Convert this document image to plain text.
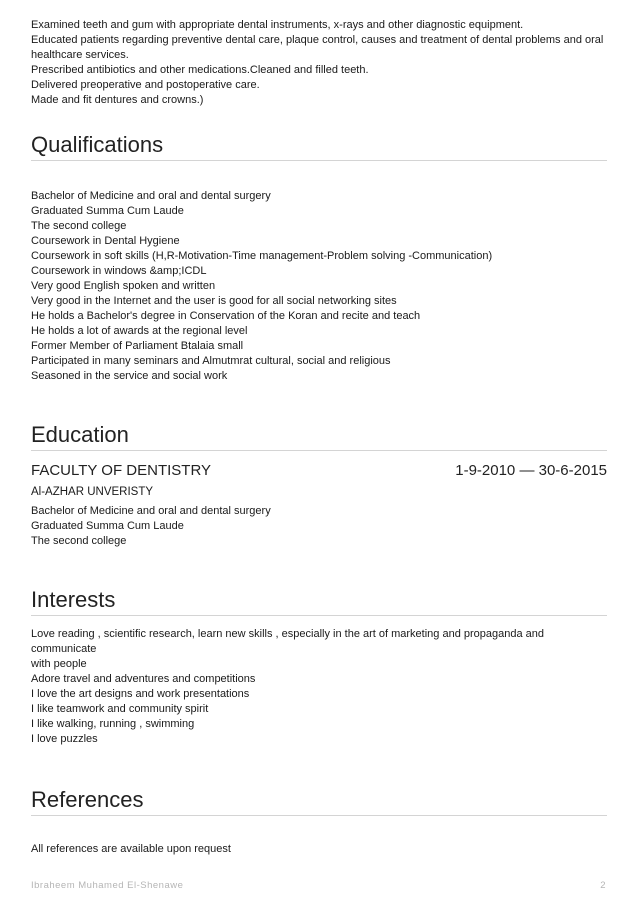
Examined teeth and gum with appropriate dental instruments, x-rays and other diagnostic equipment.
Educated patients regarding preventive dental care, plaque control, causes and treatment of dental problems and oral
healthcare services.
Prescribed antibiotics and other medications.Cleaned and filled teeth.
Delivered preoperative and postoperative care.
Made and fit dentures and crowns.)
Qualifications
Bachelor of Medicine and oral and dental surgery
Graduated Summa Cum Laude
The second college
Coursework in Dental Hygiene
Coursework in soft skills (H,R-Motivation-Time management-Problem solving -Communication)
Coursework in windows &amp;ICDL
Very good English spoken and written
Very good in the Internet and the user is good for all social networking sites
He holds a Bachelor's degree in Conservation of the Koran and recite and teach
He holds a lot of awards at the regional level
Former Member of Parliament Btalaia small
Participated in many seminars and Almutmrat cultural, social and religious
Seasoned in the service and social work
Education
FACULTY OF DENTISTRY	1-9-2010 — 30-6-2015
Al-AZHAR UNVERISTY
Bachelor of Medicine and oral and dental surgery
Graduated Summa Cum Laude
The second college
Interests
Love reading , scientific research, learn new skills , especially in the art of marketing and propaganda and communicate
with people
Adore travel and adventures and competitions
I love the art designs and work presentations
I like teamwork and community spirit
I like walking, running , swimming
I love puzzles
References
All references are available upon request
Ibraheem Muhamed El-Shenawe	2
